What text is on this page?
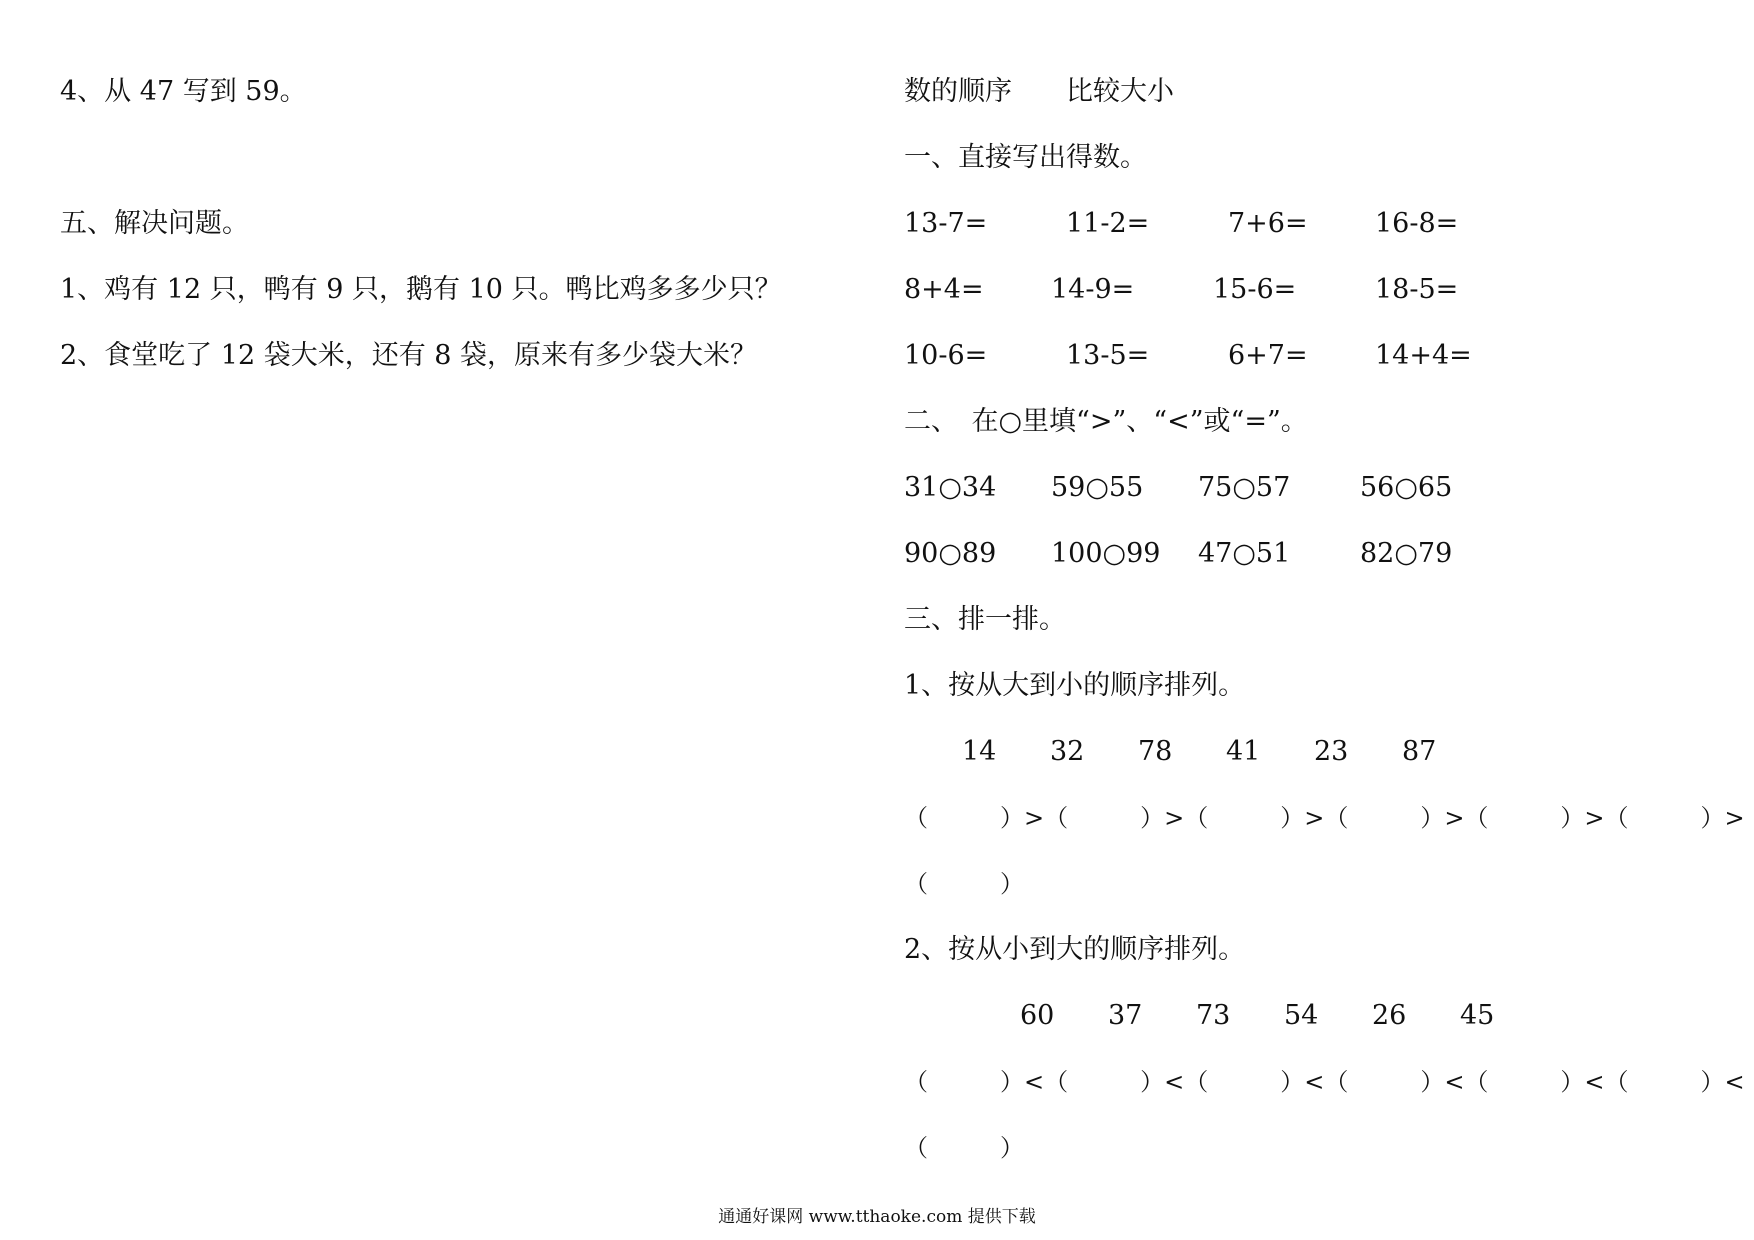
4、从 47 写到 59。
五、解决问题。
1、鸡有 12 只，鸭有 9 只，鹅有 10 只。鸭比鸡多多少只？
2、食堂吃了 12 袋大米，还有 8 袋，原来有多少袋大米？
数的顺序　　比较大小
一、直接写出得数。
13-7=	11-2=	7+6= 16-8=
8+4= 14-9=	15-6=	18-5=
10-6=	13-5=	6+7= 14+4=
二、　在○里填“>”、“<”或“=”。
31○34 59○55 75○57	56○65
90○89 100○99 47○51	82○79
三、排一排。
1、按从大到小的顺序排列。
14 32 78 41 23 87
（　　　）>（　　　）>（　　　）>（　　　）>（　　　）>（　　　）>
（　　　）
2、按从小到大的顺序排列。
60 37 73 54 26 45
（　　　）<（　　　）<（　　　）<（　　　）<（　　　）<（　　　）<
（　　　）
通通好课网 www.tthaoke.com 提供下载
